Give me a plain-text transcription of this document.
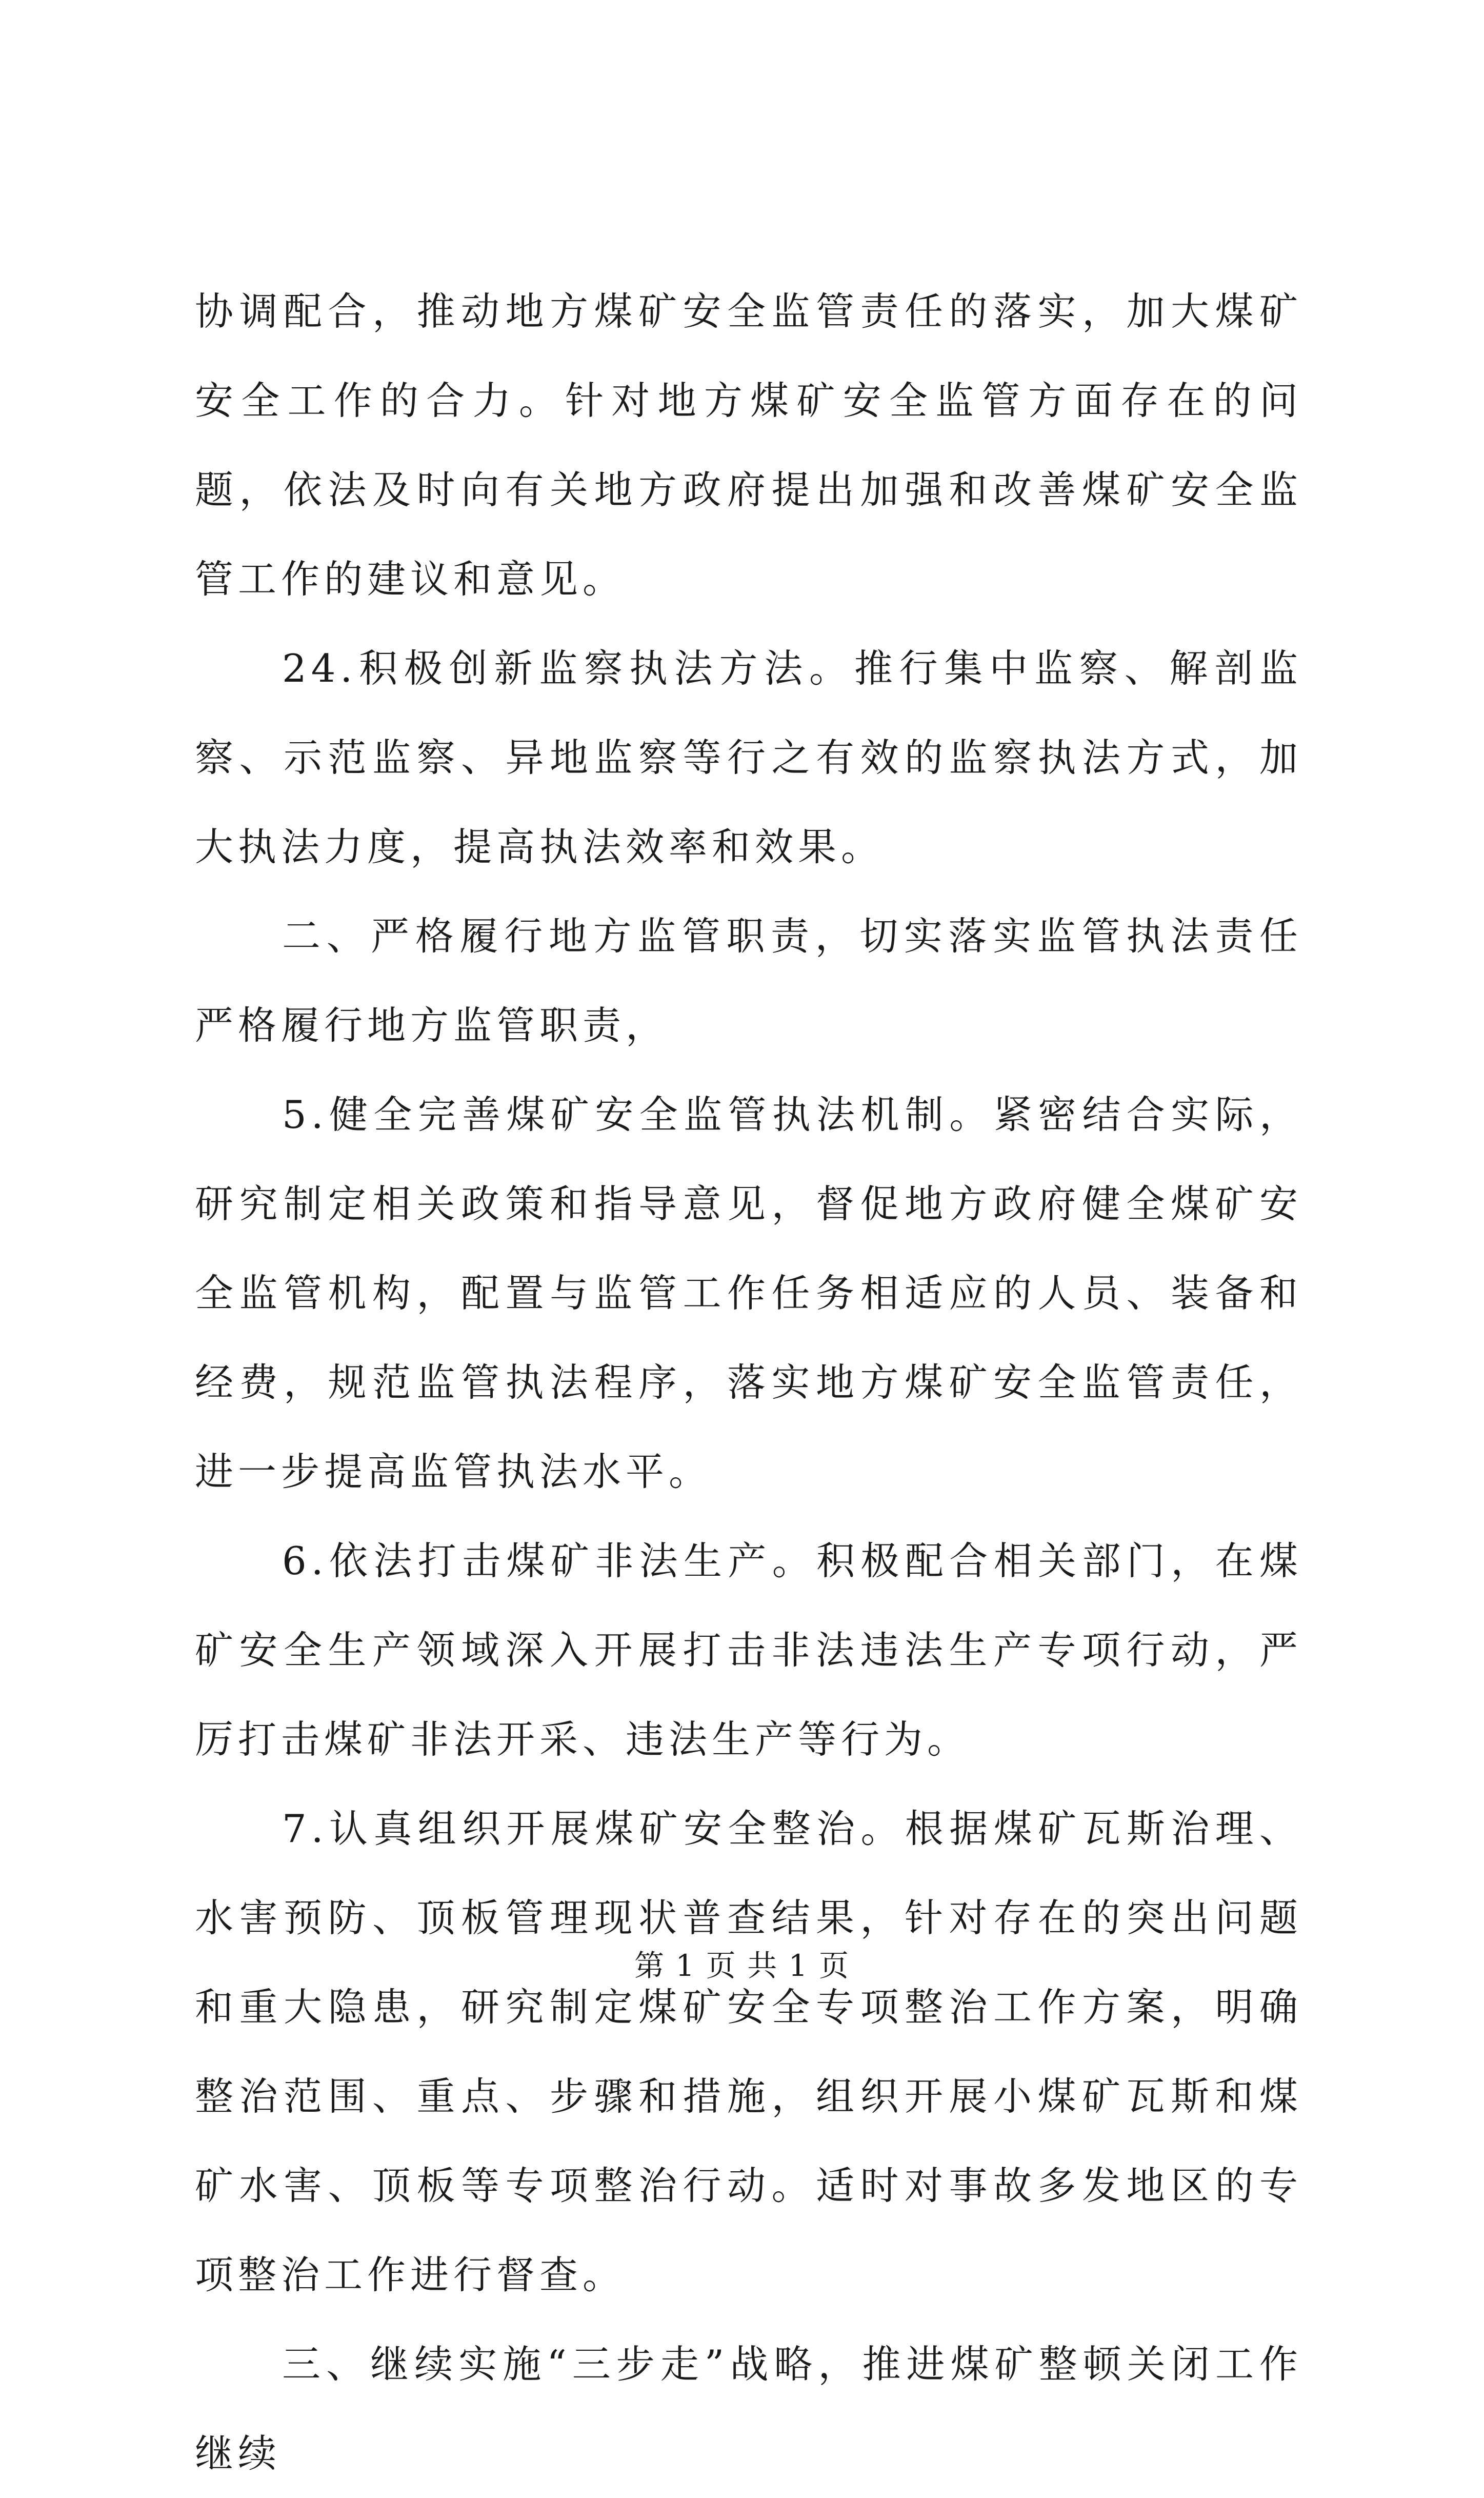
协调配合，推动地方煤矿安全监管责任的落实，加大煤矿安全工作的合力。针对地方煤矿安全监管方面存在的问题，依法及时向有关地方政府提出加强和改善煤矿安全监管工作的建议和意见。

24.积极创新监察执法方法。推行集中监察、解剖监察、示范监察、异地监察等行之有效的监察执法方式，加大执法力度，提高执法效率和效果。

二、严格履行地方监管职责，切实落实监管执法责任严格履行地方监管职责，

5.健全完善煤矿安全监管执法机制。紧密结合实际，研究制定相关政策和指导意见，督促地方政府健全煤矿安全监管机构，配置与监管工作任务相适应的人员、装备和经费，规范监管执法程序，落实地方煤矿安全监管责任，进一步提高监管执法水平。

6.依法打击煤矿非法生产。积极配合相关部门，在煤矿安全生产领域深入开展打击非法违法生产专项行动，严厉打击煤矿非法开采、违法生产等行为。

7.认真组织开展煤矿安全整治。根据煤矿瓦斯治理、水害预防、顶板管理现状普查结果，针对存在的突出问题和重大隐患，研究制定煤矿安全专项整治工作方案，明确整治范围、重点、步骤和措施，组织开展小煤矿瓦斯和煤矿水害、顶板等专项整治行动。适时对事故多发地区的专项整治工作进行督查。

三、继续实施“三步走”战略，推进煤矿整顿关闭工作继续

第 1 页 共 1 页
